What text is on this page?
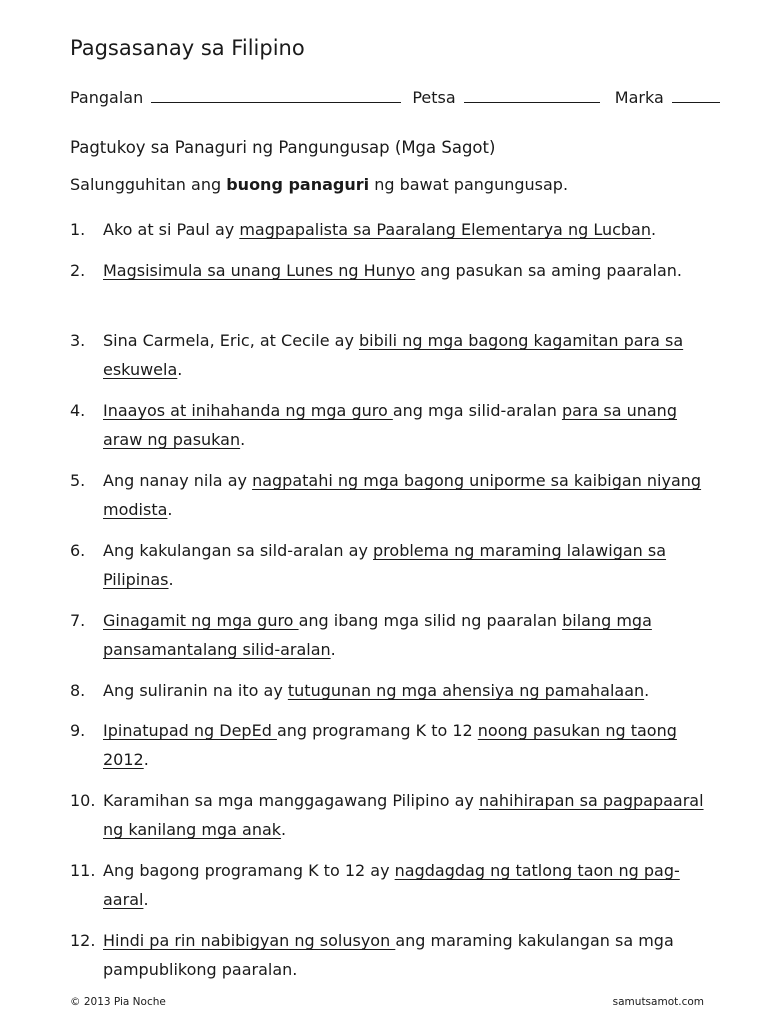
Pagsasanay sa Filipino
Pangalan	Petsa	Marka
Pagtukoy sa Panaguri ng Pangungusap (Mga Sagot)
Salungguhitan ang buong panaguri ng bawat pangungusap.
1. Ako at si Paul ay magpapalista sa Paaralang Elementarya ng Lucban.
2. Magsisimula sa unang Lunes ng Hunyo ang pasukan sa aming paaralan.
3. Sina Carmela, Eric, at Cecile ay bibili ng mga bagong kagamitan para sa eskuwela.
4. Inaayos at inihahanda ng mga guro ang mga silid-aralan para sa unang araw ng pasukan.
5. Ang nanay nila ay nagpatahi ng mga bagong uniporme sa kaibigan niyang modista.
6. Ang kakulangan sa sild-aralan ay problema ng maraming lalawigan sa Pilipinas.
7. Ginagamit ng mga guro ang ibang mga silid ng paaralan bilang mga pansamantalang silid-aralan.
8. Ang suliranin na ito ay tutugunan ng mga ahensiya ng pamahalaan.
9. Ipinatupad ng DepEd ang programang K to 12 noong pasukan ng taong 2012.
10. Karamihan sa mga manggagawang Pilipino ay nahihirapan sa pagpapaaral ng kanilang mga anak.
11. Ang bagong programang K to 12 ay nagdagdag ng tatlong taon ng pag-aaral.
12. Hindi pa rin nabibigyan ng solusyon ang maraming kakulangan sa mga pampublikong paaralan.
© 2013 Pia Noche	samutsamot.com
